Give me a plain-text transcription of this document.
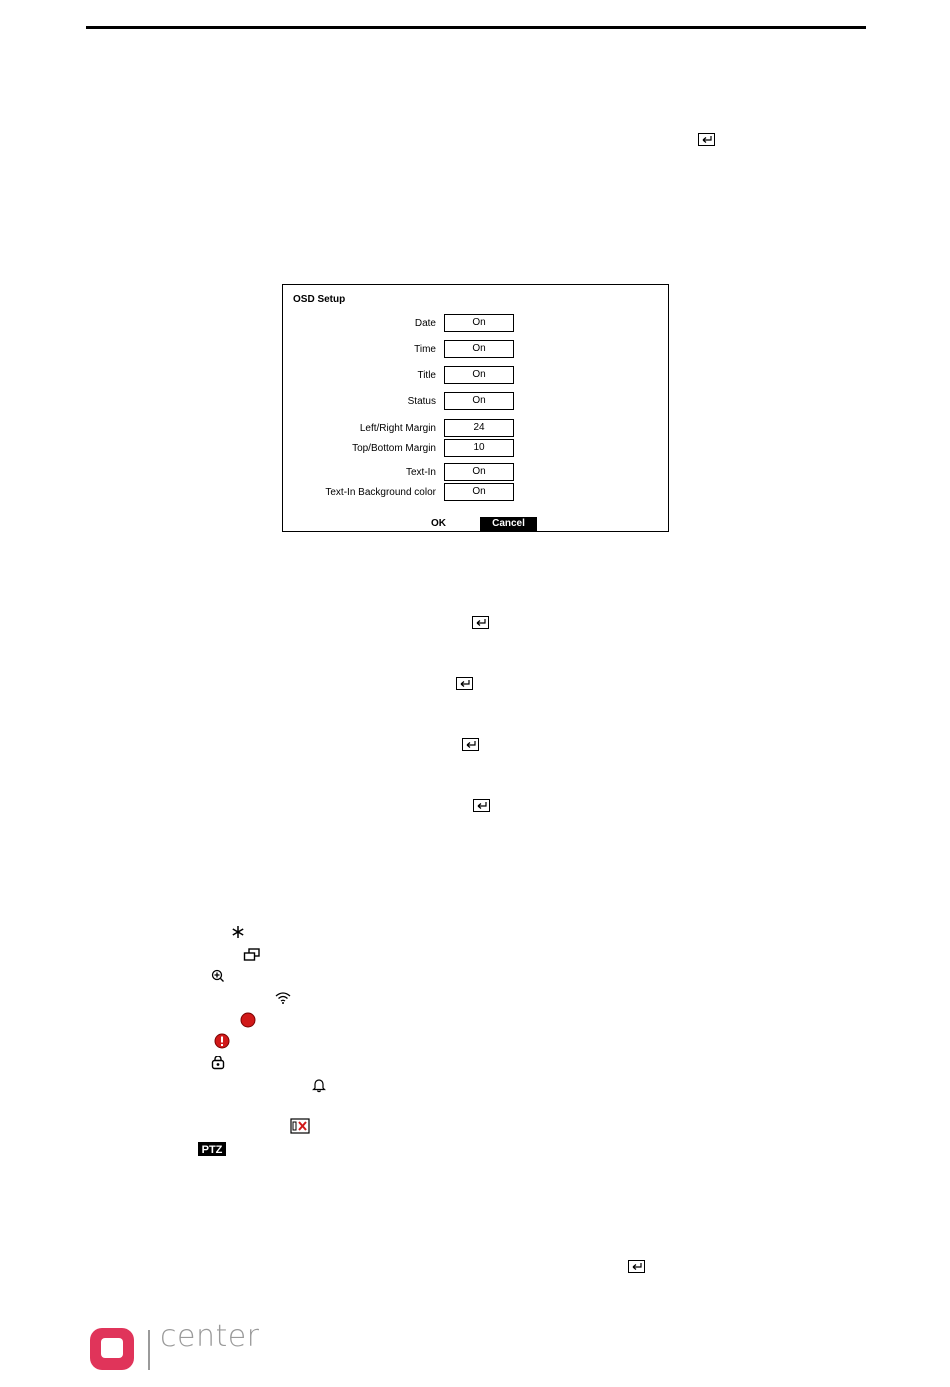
OSD Setup
Date	On
Time	On
Title	On
Status	On
Left/Right Margin	24
Top/Bottom Margin	10
Text-In	On
Text-In Background color	On
OK	Cancel
PTZ
center
